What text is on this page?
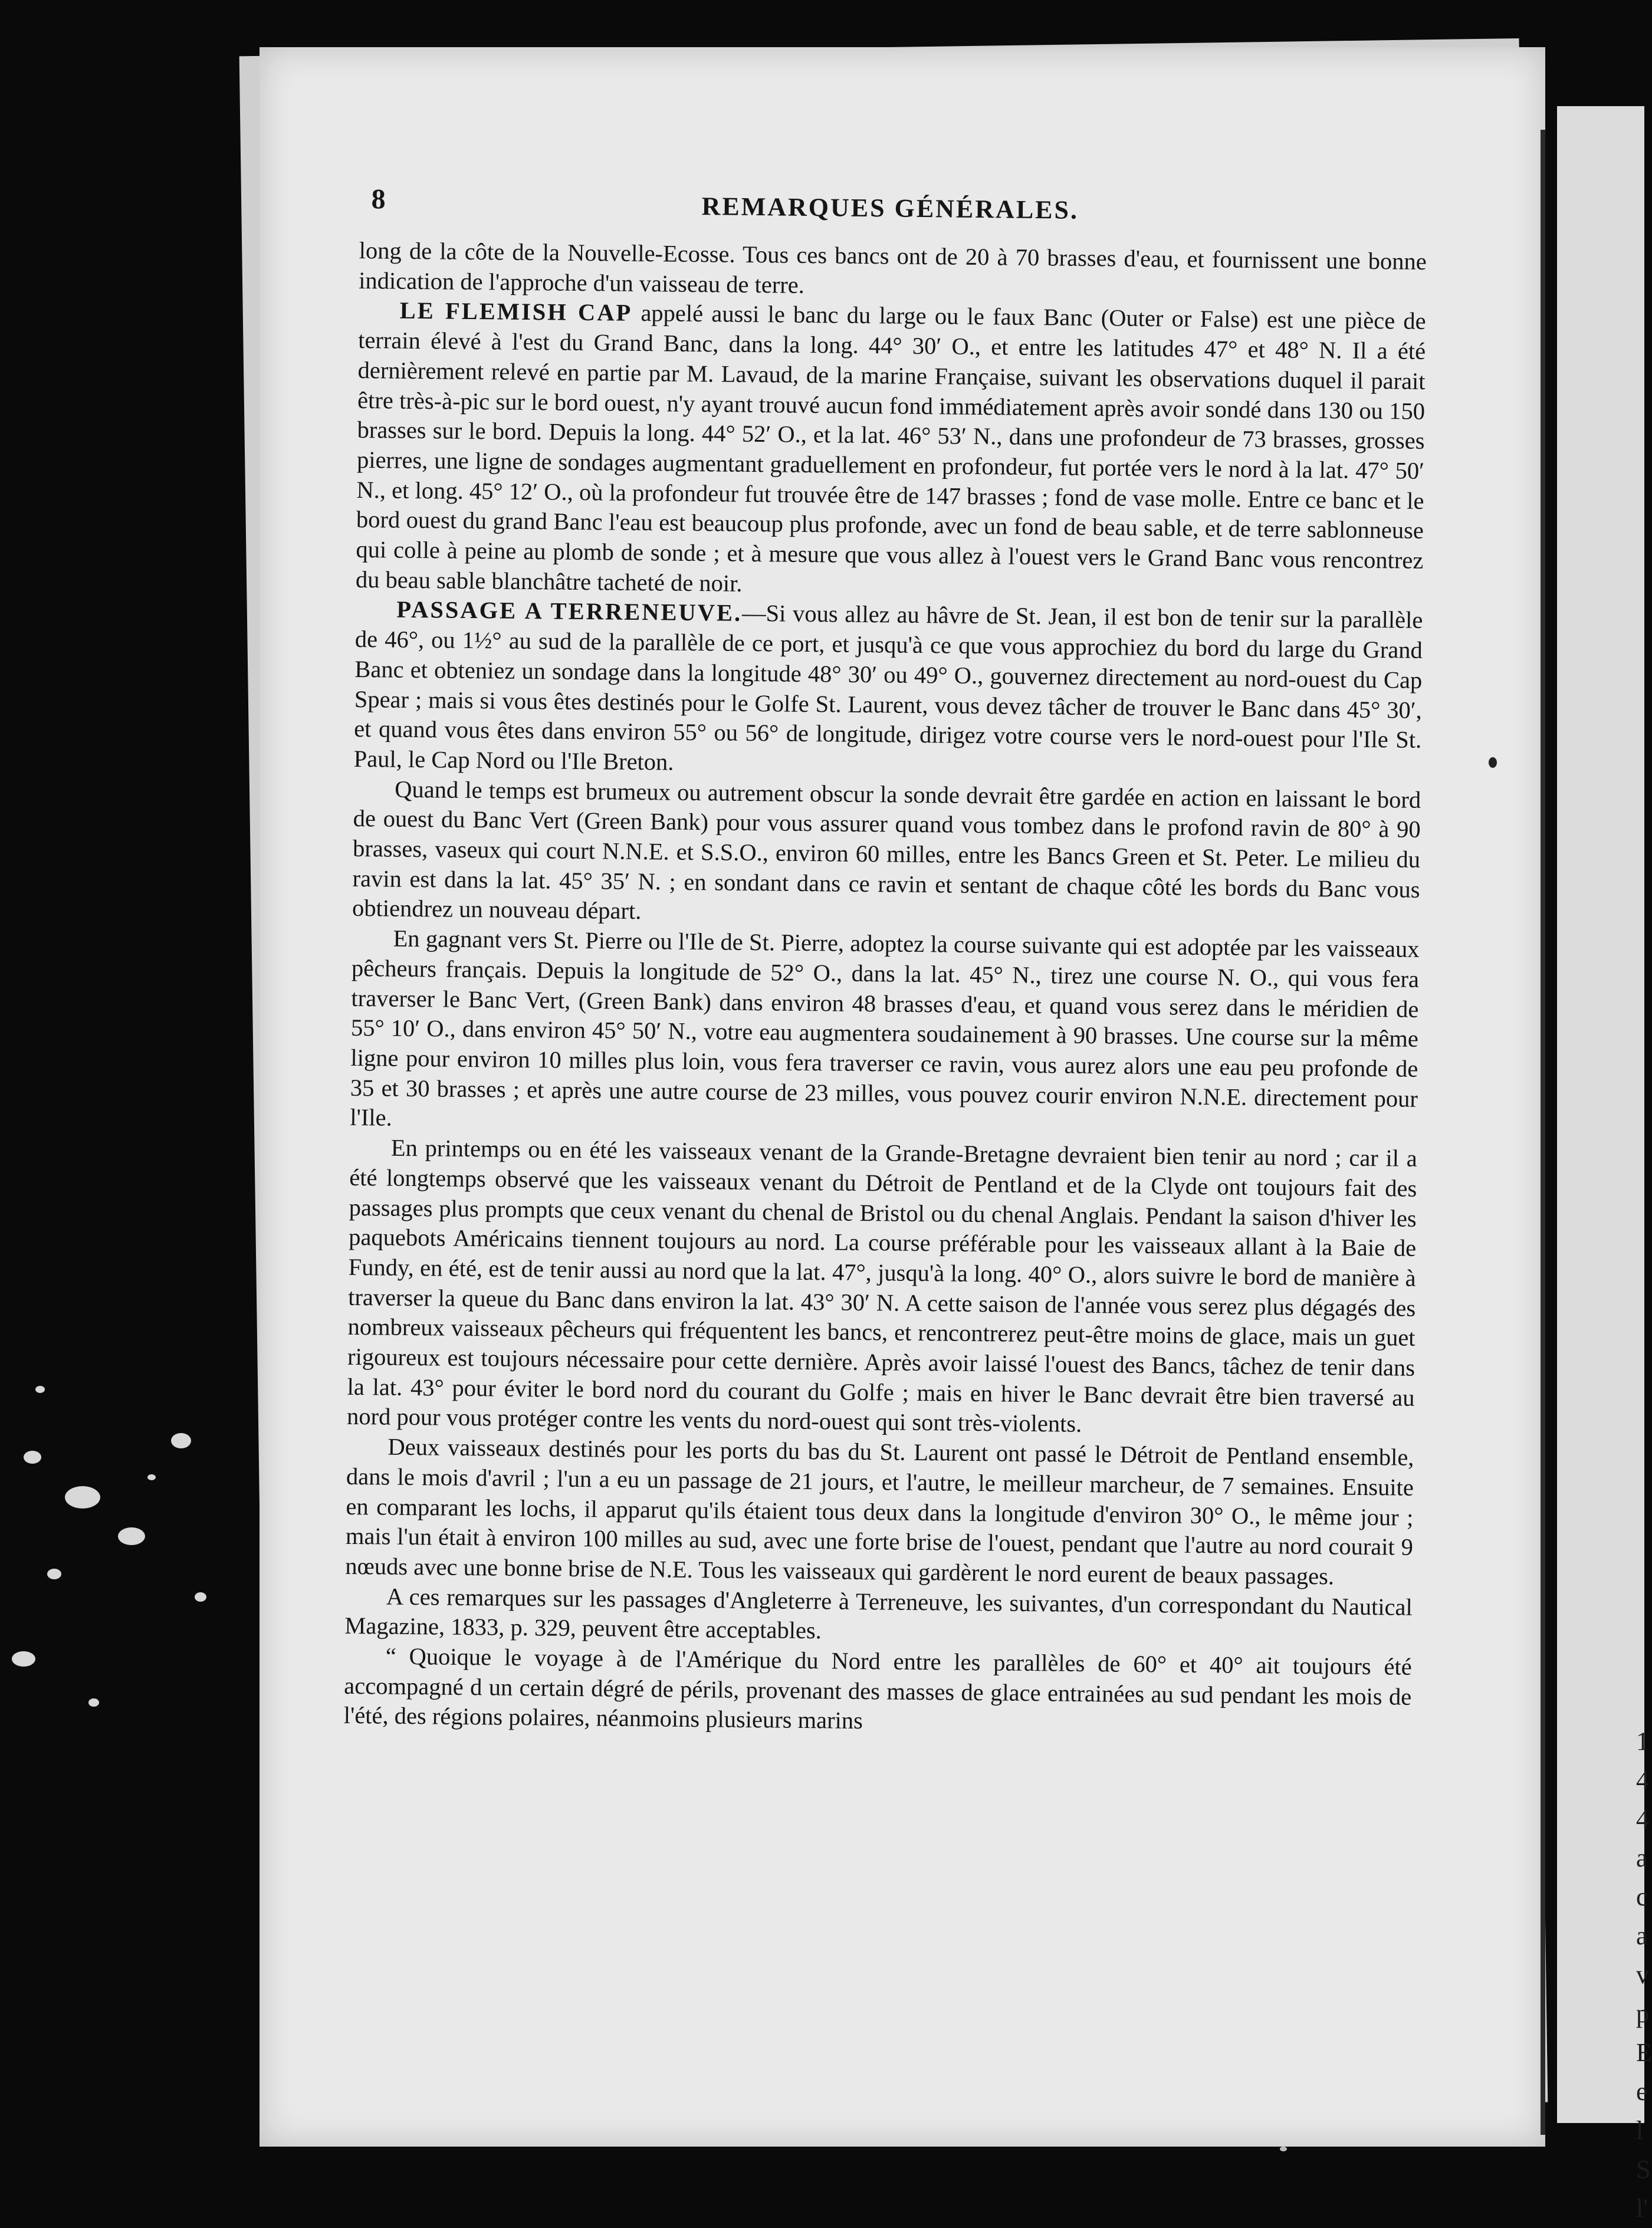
1 4 4 a c a v p E e l S l'
8	REMARQUES GÉNÉRALES.

long de la côte de la Nouvelle-Ecosse. Tous ces bancs ont de 20 à 70 brasses d'eau, et fournissent une bonne indication de l'approche d'un vaisseau de terre.

LE FLEMISH CAP appelé aussi le banc du large ou le faux Banc (Outer or False) est une pièce de terrain élevé à l'est du Grand Banc, dans la long. 44° 30′ O., et entre les latitudes 47° et 48° N. Il a été dernièrement relevé en partie par M. Lavaud, de la marine Française, suivant les observations duquel il parait être très-à-pic sur le bord ouest, n'y ayant trouvé aucun fond immédiatement après avoir sondé dans 130 ou 150 brasses sur le bord. Depuis la long. 44° 52′ O., et la lat. 46° 53′ N., dans une profondeur de 73 brasses, grosses pierres, une ligne de sondages augmentant graduellement en profondeur, fut portée vers le nord à la lat. 47° 50′ N., et long. 45° 12′ O., où la profondeur fut trouvée être de 147 brasses ; fond de vase molle. Entre ce banc et le bord ouest du grand Banc l'eau est beaucoup plus profonde, avec un fond de beau sable, et de terre sablonneuse qui colle à peine au plomb de sonde ; et à mesure que vous allez à l'ouest vers le Grand Banc vous rencontrez du beau sable blanchâtre tacheté de noir.

PASSAGE A TERRENEUVE.—Si vous allez au hâvre de St. Jean, il est bon de tenir sur la parallèle de 46°, ou 1½° au sud de la parallèle de ce port, et jusqu'à ce que vous approchiez du bord du large du Grand Banc et obteniez un sondage dans la longitude 48° 30′ ou 49° O., gouvernez directement au nord-ouest du Cap Spear ; mais si vous êtes destinés pour le Golfe St. Laurent, vous devez tâcher de trouver le Banc dans 45° 30′, et quand vous êtes dans environ 55° ou 56° de longitude, dirigez votre course vers le nord-ouest pour l'Ile St. Paul, le Cap Nord ou l'Ile Breton.

Quand le temps est brumeux ou autrement obscur la sonde devrait être gardée en action en laissant le bord de ouest du Banc Vert (Green Bank) pour vous assurer quand vous tombez dans le profond ravin de 80° à 90 brasses, vaseux qui court N.N.E. et S.S.O., environ 60 milles, entre les Bancs Green et St. Peter. Le milieu du ravin est dans la lat. 45° 35′ N. ; en sondant dans ce ravin et sentant de chaque côté les bords du Banc vous obtiendrez un nouveau départ.

En gagnant vers St. Pierre ou l'Ile de St. Pierre, adoptez la course suivante qui est adoptée par les vaisseaux pêcheurs français. Depuis la longitude de 52° O., dans la lat. 45° N., tirez une course N. O., qui vous fera traverser le Banc Vert, (Green Bank) dans environ 48 brasses d'eau, et quand vous serez dans le méridien de 55° 10′ O., dans environ 45° 50′ N., votre eau augmentera soudainement à 90 brasses. Une course sur la même ligne pour environ 10 milles plus loin, vous fera traverser ce ravin, vous aurez alors une eau peu profonde de 35 et 30 brasses ; et après une autre course de 23 milles, vous pouvez courir environ N.N.E. directement pour l'Ile.

En printemps ou en été les vaisseaux venant de la Grande-Bretagne devraient bien tenir au nord ; car il a été longtemps observé que les vaisseaux venant du Détroit de Pentland et de la Clyde ont toujours fait des passages plus prompts que ceux venant du chenal de Bristol ou du chenal Anglais. Pendant la saison d'hiver les paquebots Américains tiennent toujours au nord. La course préférable pour les vaisseaux allant à la Baie de Fundy, en été, est de tenir aussi au nord que la lat. 47°, jusqu'à la long. 40° O., alors suivre le bord de manière à traverser la queue du Banc dans environ la lat. 43° 30′ N. A cette saison de l'année vous serez plus dégagés des nombreux vaisseaux pêcheurs qui fréquentent les bancs, et rencontrerez peut-être moins de glace, mais un guet rigoureux est toujours nécessaire pour cette dernière. Après avoir laissé l'ouest des Bancs, tâchez de tenir dans la lat. 43° pour éviter le bord nord du courant du Golfe ; mais en hiver le Banc devrait être bien traversé au nord pour vous protéger contre les vents du nord-ouest qui sont très-violents.

Deux vaisseaux destinés pour les ports du bas du St. Laurent ont passé le Détroit de Pentland ensemble, dans le mois d'avril ; l'un a eu un passage de 21 jours, et l'autre, le meilleur marcheur, de 7 semaines. Ensuite en comparant les lochs, il apparut qu'ils étaient tous deux dans la longitude d'environ 30° O., le même jour ; mais l'un était à environ 100 milles au sud, avec une forte brise de l'ouest, pendant que l'autre au nord courait 9 nœuds avec une bonne brise de N.E. Tous les vaisseaux qui gardèrent le nord eurent de beaux passages.

A ces remarques sur les passages d'Angleterre à Terreneuve, les suivantes, d'un correspondant du Nautical Magazine, 1833, p. 329, peuvent être acceptables.

“ Quoique le voyage à de l'Amérique du Nord entre les parallèles de 60° et 40° ait toujours été accompagné d un certain dégré de périls, provenant des masses de glace entrainées au sud pendant les mois de l'été, des régions polaires, néanmoins plusieurs marins
